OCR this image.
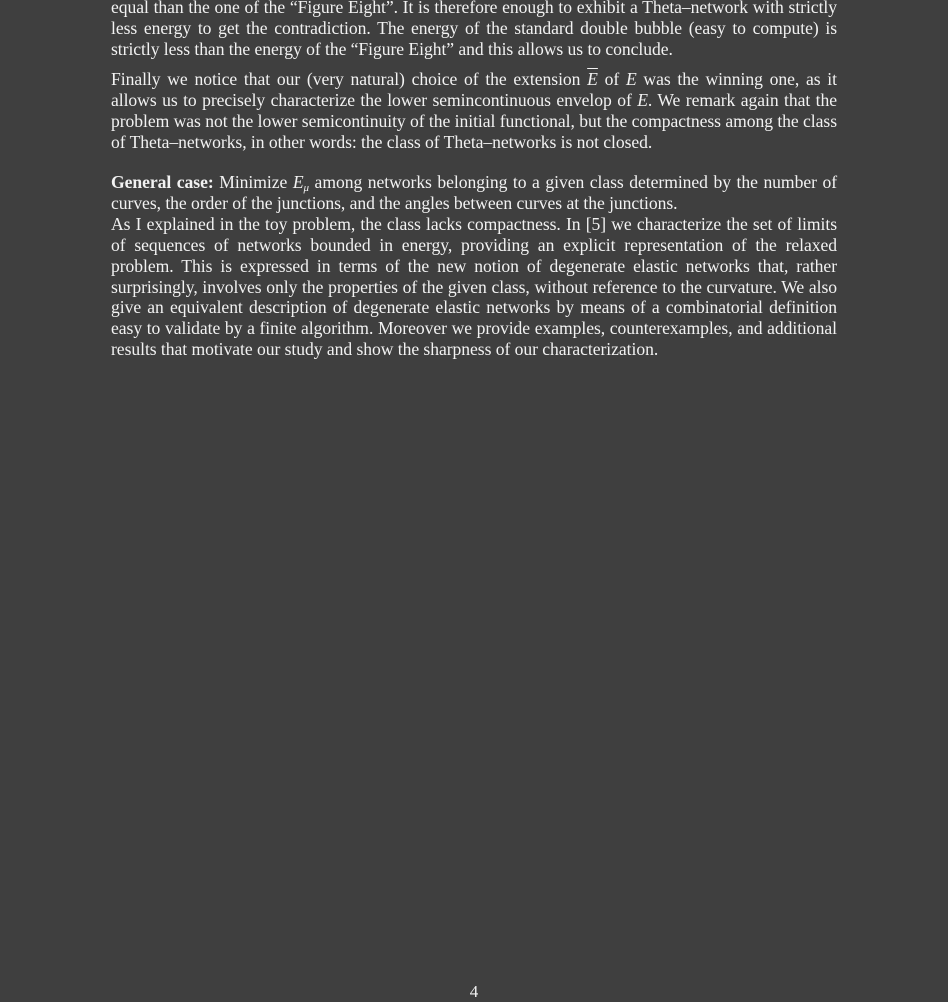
equal than the one of the “Figure Eight”. It is therefore enough to exhibit a Theta–network with strictly less energy to get the contradiction. The energy of the standard double bubble (easy to compute) is strictly less than the energy of the “Figure Eight” and this allows us to conclude.

Finally we notice that our (very natural) choice of the extension $\overline{E}$ of E was the winning one, as it allows us to precisely characterize the lower semincontinuous envelop of E. We remark again that the problem was not the lower semicontinuity of the initial functional, but the compactness among the class of Theta–networks, in other words: the class of Theta–networks is not closed.

General case: Minimize $E_\mu$ among networks belonging to a given class determined by the number of curves, the order of the junctions, and the angles between curves at the junctions.

As I explained in the toy problem, the class lacks compactness. In [5] we characterize the set of limits of sequences of networks bounded in energy, providing an explicit representation of the relaxed problem. This is expressed in terms of the new notion of degenerate elastic networks that, rather surprisingly, involves only the properties of the given class, without reference to the curvature. We also give an equivalent description of degenerate elastic networks by means of a combinatorial definition easy to validate by a finite algorithm. Moreover we provide examples, counterexamples, and additional results that motivate our study and show the sharpness of our characterization.

4
